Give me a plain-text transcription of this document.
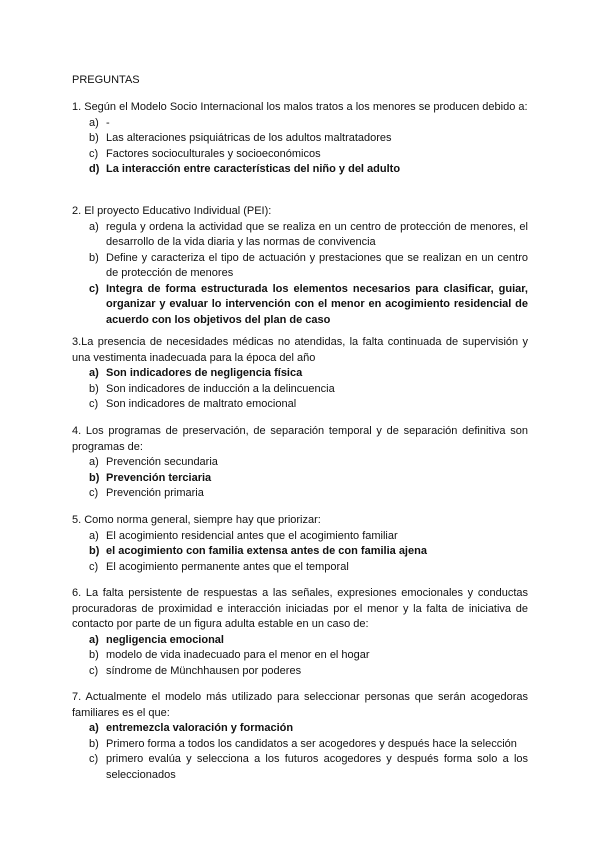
PREGUNTAS
1. Según el Modelo Socio Internacional los malos tratos a los menores se producen debido a:
a) -
b) Las alteraciones psiquiátricas de los adultos maltratadores
c) Factores socioculturales y socioeconómicos
d) La interacción entre características del niño y del adulto
2. El proyecto Educativo Individual (PEI):
a) regula y ordena la actividad que se realiza en un centro de protección de menores, el desarrollo de la vida diaria y las normas de convivencia
b) Define y caracteriza el tipo de actuación y prestaciones que se realizan en un centro de protección de menores
c) Integra de forma estructurada los elementos necesarios para clasificar, guiar, organizar y evaluar lo intervención con el menor en acogimiento residencial de acuerdo con los objetivos del plan de caso
3.La presencia de necesidades médicas no atendidas, la falta continuada de supervisión y una vestimenta inadecuada para la época del año
a) Son indicadores de negligencia física
b) Son indicadores de inducción a la delincuencia
c) Son indicadores de maltrato emocional
4. Los programas de preservación, de separación temporal y de separación definitiva son programas de:
a) Prevención secundaria
b) Prevención terciaria
c) Prevención primaria
5. Como norma general, siempre hay que priorizar:
a) El acogimiento residencial antes que el acogimiento familiar
b) el acogimiento con familia extensa antes de con familia ajena
c) El acogimiento permanente antes que el temporal
6. La falta persistente de respuestas a las señales, expresiones emocionales y conductas procuradoras de proximidad e interacción iniciadas por el menor y la falta de iniciativa de contacto por parte de un figura adulta estable en un caso de:
a) negligencia emocional
b) modelo de vida inadecuado para el menor en el hogar
c) síndrome de Münchhausen por poderes
7. Actualmente el modelo más utilizado para seleccionar personas que serán acogedoras familiares es el que:
a) entremezcla valoración y formación
b) Primero forma a todos los candidatos a ser acogedores y después hace la selección
c) primero evalúa y selecciona a los futuros acogedores y después forma solo a los seleccionados
